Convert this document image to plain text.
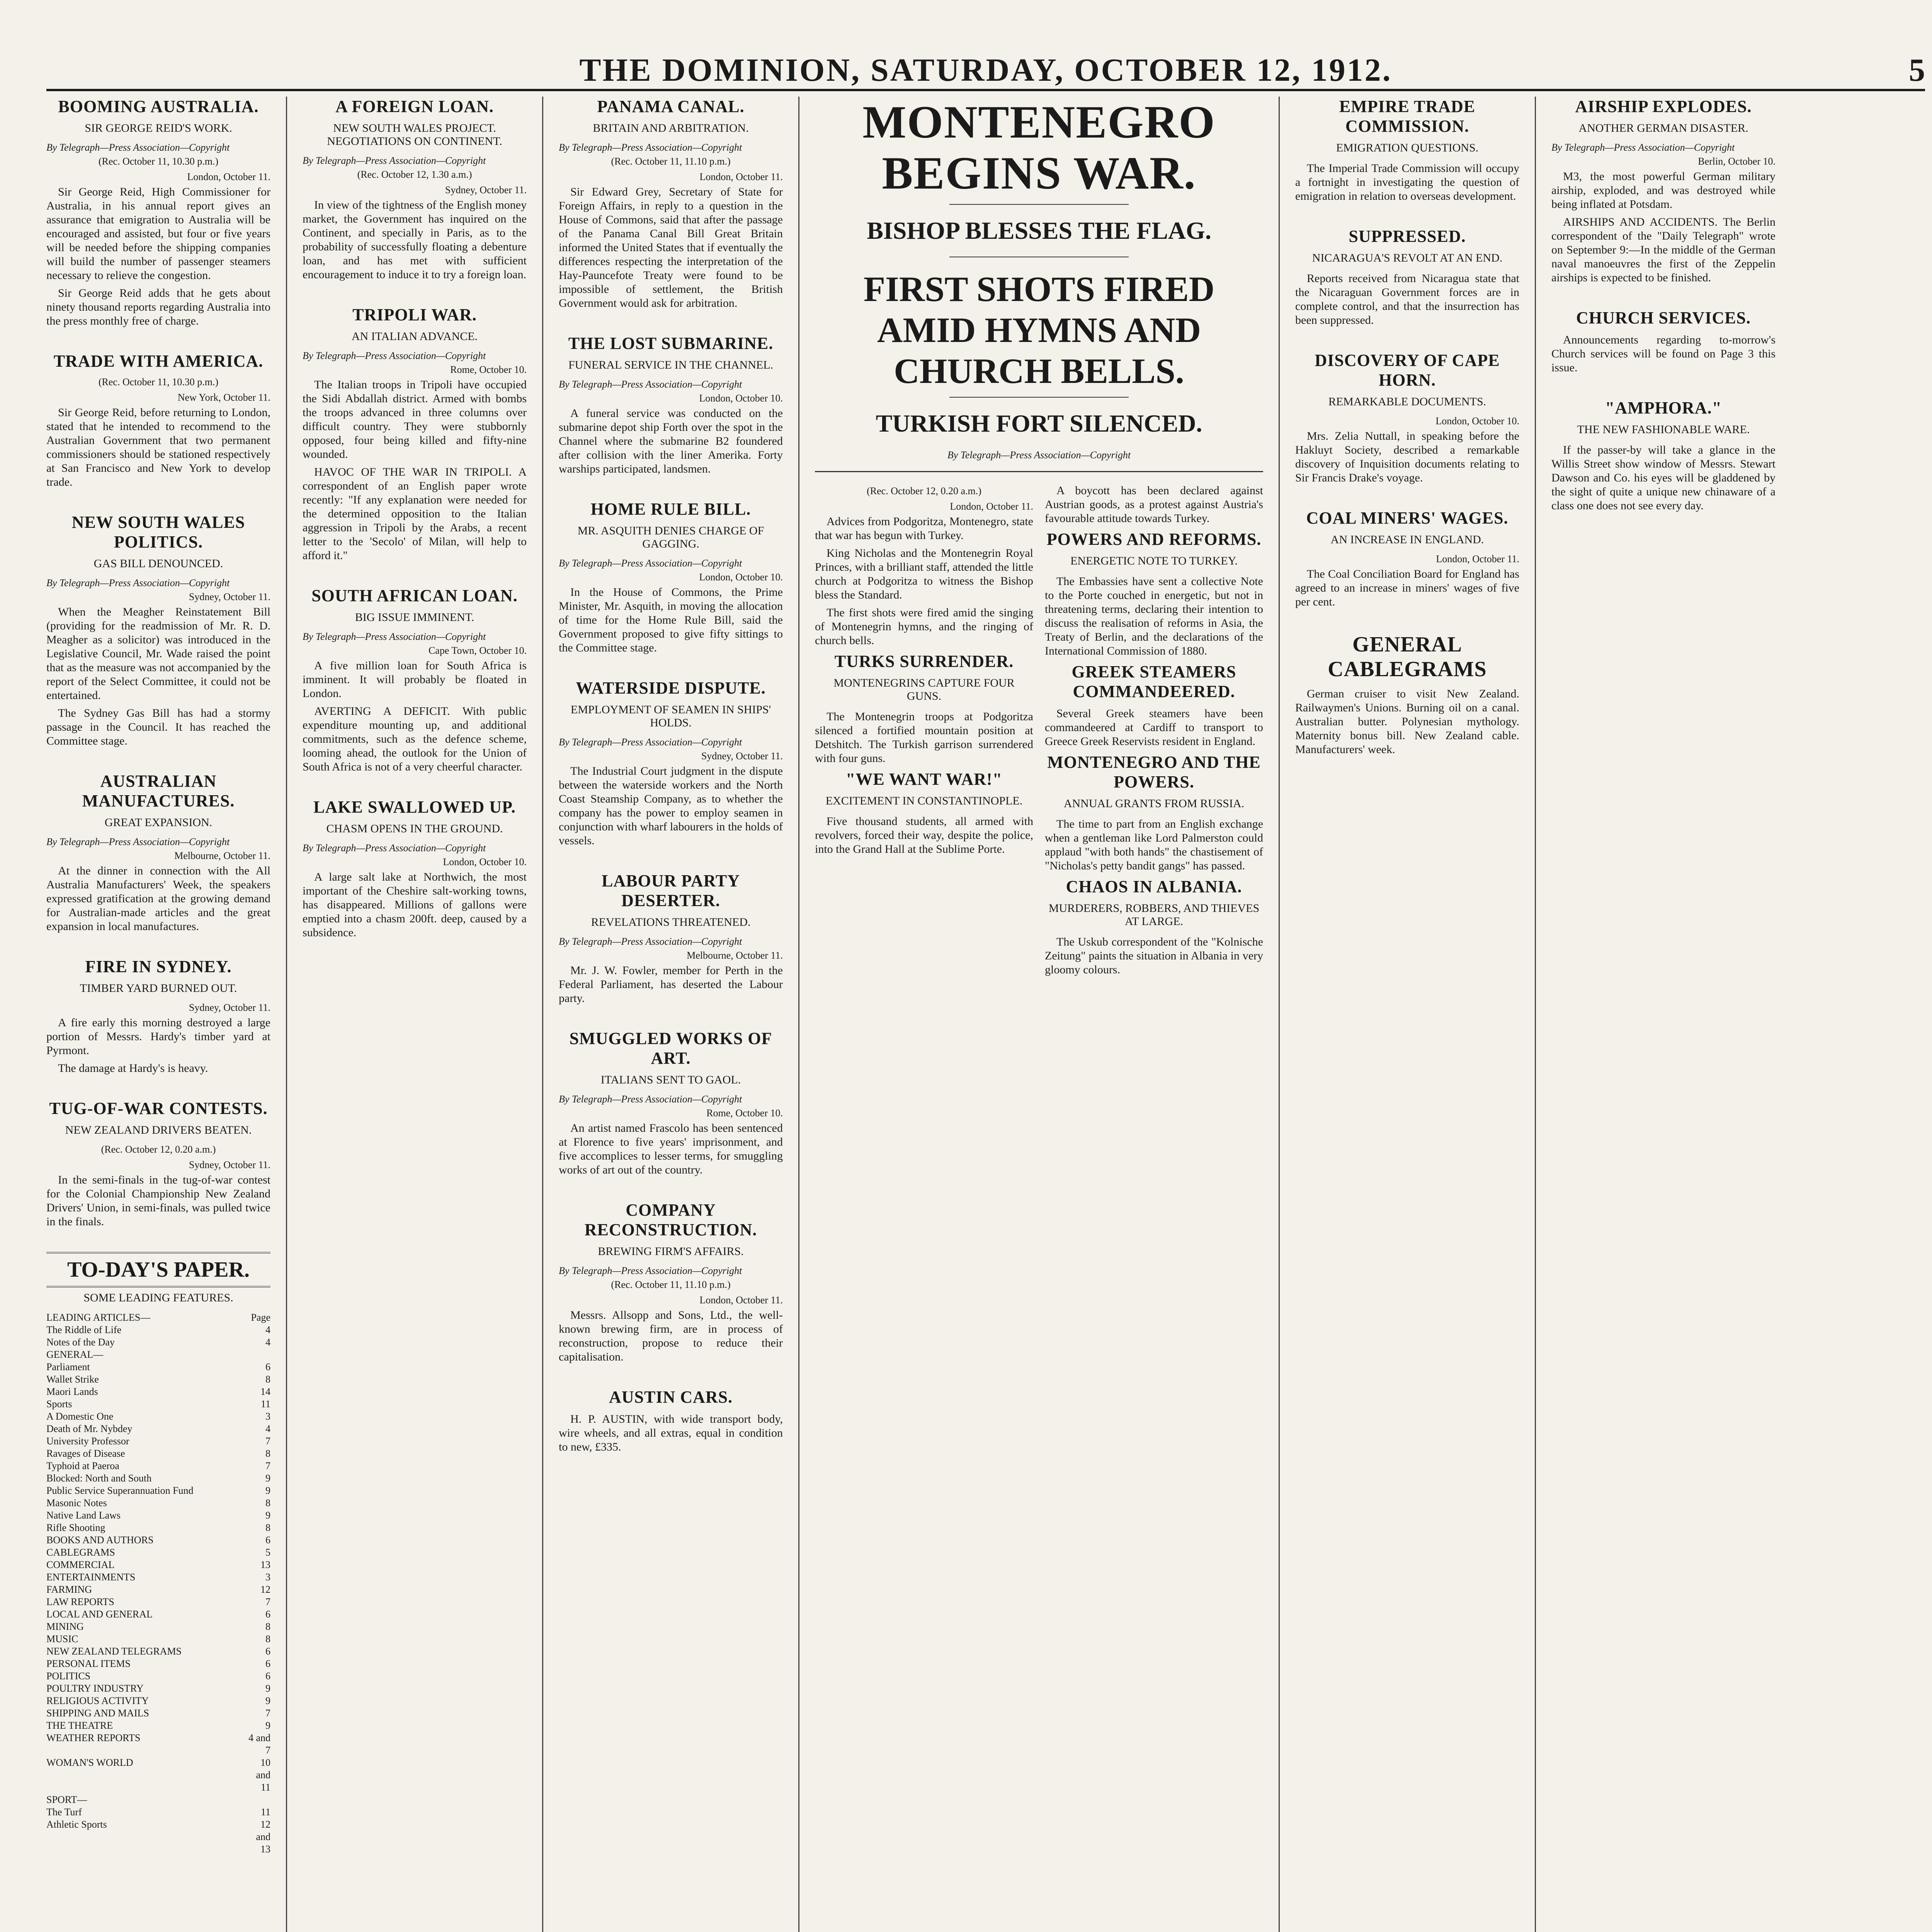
THE DOMINION, SATURDAY, OCTOBER 12, 1912.	5
BOOMING AUSTRALIA.
SIR GEORGE REID'S WORK.
By Telegraph—Press Association—Copyright
(Rec. October 11, 10.30 p.m.)
London, October 11.

Sir George Reid, High Commissioner for Australia, in his annual report gives an assurance that emigration to Australia will be encouraged and assisted, but four or five years will be needed before the shipping companies will build the number of passenger steamers necessary to relieve the congestion.

Sir George Reid adds that he gets about ninety thousand reports regarding Australia into the press monthly free of charge.

TRADE WITH AMERICA.
(Rec. October 11, 10.30 p.m.)
New York, October 11.

Sir George Reid, before returning to London, stated that he intended to recommend to the Australian Government that two permanent commissioners should be stationed respectively at San Francisco and New York to develop trade.

NEW SOUTH WALES POLITICS.
GAS BILL DENOUNCED.
By Telegraph—Press Association—Copyright
Sydney, October 11.

When the Meagher Reinstatement Bill (providing for the readmission of Mr. R. D. Meagher as a solicitor) was introduced in the Legislative Council, Mr. Wade raised the point that as the measure was not accompanied by the report of the Select Committee, it could not be entertained.

The Sydney Gas Bill has had a stormy passage in the Council. It has reached the Committee stage.

AUSTRALIAN MANUFACTURES.
GREAT EXPANSION.
By Telegraph—Press Association—Copyright
Melbourne, October 11.

At the dinner in connection with the All Australia Manufacturers' Week, the speakers expressed gratification at the growing demand for Australian-made articles and the great expansion in local manufactures.

FIRE IN SYDNEY.
TIMBER YARD BURNED OUT.
Sydney, October 11.

A fire early this morning destroyed a large portion of Messrs. Hardy's timber yard at Pyrmont.

The damage at Hardy's is heavy.

TUG-OF-WAR CONTESTS.
NEW ZEALAND DRIVERS BEATEN.
(Rec. October 12, 0.20 a.m.)
Sydney, October 11.

In the semi-finals in the tug-of-war contest for the Colonial Championship New Zealand Drivers' Union, in semi-finals, was pulled twice in the finals.

TO-DAY'S PAPER.
SOME LEADING FEATURES.
LEADING ARTICLES—	Page
The Riddle of Life	4
Notes of the Day	4
GENERAL—
Parliament	6
Wallet Strike	8
Maori Lands	14
Sports	11
A Domestic One	3
Death of Mr. Nybdey	4
University Professor	7
Ravages of Disease	8
Typhoid at Paeroa	7
Blocked: North and South	9
Public Service Superannuation Fund	9
Masonic Notes	8
Native Land Laws	9
Rifle Shooting	8
BOOKS AND AUTHORS	6
CABLEGRAMS	5
COMMERCIAL	13
ENTERTAINMENTS	3
FARMING	12
LAW REPORTS	7
LOCAL AND GENERAL	6
MINING	8
MUSIC	8
NEW ZEALAND TELEGRAMS	6
PERSONAL ITEMS	6
POLITICS	6
POULTRY INDUSTRY	9
RELIGIOUS ACTIVITY	9
SHIPPING AND MAILS	7
THE THEATRE	9
WEATHER REPORTS	4 and 7
WOMAN'S WORLD	10 and 11
SPORT—
The Turf	11
Athletic Sports	12 and 13
A FOREIGN LOAN.
NEW SOUTH WALES PROJECT. NEGOTIATIONS ON CONTINENT.
By Telegraph—Press Association—Copyright
(Rec. October 12, 1.30 a.m.)
Sydney, October 11.

In view of the tightness of the English money market, the Government has inquired on the Continent, and specially in Paris, as to the probability of successfully floating a debenture loan, and has met with sufficient encouragement to induce it to try a foreign loan.

TRIPOLI WAR.
AN ITALIAN ADVANCE.
By Telegraph—Press Association—Copyright
Rome, October 10.

The Italian troops in Tripoli have occupied the Sidi Abdallah district. Armed with bombs the troops advanced in three columns over difficult country. They were stubbornly opposed, four being killed and fifty-nine wounded.

HAVOC OF THE WAR IN TRIPOLI. A correspondent of an English paper wrote recently: "If any explanation were needed for the determined opposition to the Italian aggression in Tripoli by the Arabs, a recent letter to the 'Secolo' of Milan, will help to afford it."

SOUTH AFRICAN LOAN.
BIG ISSUE IMMINENT.
By Telegraph—Press Association—Copyright
Cape Town, October 10.

A five million loan for South Africa is imminent. It will probably be floated in London.

AVERTING A DEFICIT. With public expenditure mounting up, and additional commitments, such as the defence scheme, looming ahead, the outlook for the Union of South Africa is not of a very cheerful character.

LAKE SWALLOWED UP.
CHASM OPENS IN THE GROUND.
By Telegraph—Press Association—Copyright
London, October 10.

A large salt lake at Northwich, the most important of the Cheshire salt-working towns, has disappeared. Millions of gallons were emptied into a chasm 200ft. deep, caused by a subsidence.

PANAMA CANAL.
BRITAIN AND ARBITRATION.
By Telegraph—Press Association—Copyright
(Rec. October 11, 11.10 p.m.)
London, October 11.

Sir Edward Grey, Secretary of State for Foreign Affairs, in reply to a question in the House of Commons, said that after the passage of the Panama Canal Bill Great Britain informed the United States that if eventually the differences respecting the interpretation of the Hay-Pauncefote Treaty were found to be impossible of settlement, the British Government would ask for arbitration.

THE LOST SUBMARINE.
FUNERAL SERVICE IN THE CHANNEL.
By Telegraph—Press Association—Copyright
London, October 10.

A funeral service was conducted on the submarine depot ship Forth over the spot in the Channel where the submarine B2 foundered after collision with the liner Amerika. Forty warships participated, landsmen.

HOME RULE BILL.
MR. ASQUITH DENIES CHARGE OF GAGGING.
By Telegraph—Press Association—Copyright
London, October 10.

In the House of Commons, the Prime Minister, Mr. Asquith, in moving the allocation of time for the Home Rule Bill, said the Government proposed to give fifty sittings to the Committee stage.

WATERSIDE DISPUTE.
EMPLOYMENT OF SEAMEN IN SHIPS' HOLDS.
By Telegraph—Press Association—Copyright
Sydney, October 11.

The Industrial Court judgment in the dispute between the waterside workers and the North Coast Steamship Company, as to whether the company has the power to employ seamen in conjunction with wharf labourers in the holds of vessels.

LABOUR PARTY DESERTER.
REVELATIONS THREATENED.
By Telegraph—Press Association—Copyright
Melbourne, October 11.

Mr. J. W. Fowler, member for Perth in the Federal Parliament, has deserted the Labour party.

SMUGGLED WORKS OF ART.
ITALIANS SENT TO GAOL.
By Telegraph—Press Association—Copyright
Rome, October 10.

An artist named Frascolo has been sentenced at Florence to five years' imprisonment, and five accomplices to lesser terms, for smuggling works of art out of the country.

COMPANY RECONSTRUCTION.
BREWING FIRM'S AFFAIRS.
By Telegraph—Press Association—Copyright
(Rec. October 11, 11.10 p.m.)
London, October 11.

Messrs. Allsopp and Sons, Ltd., the well-known brewing firm, are in process of reconstruction, propose to reduce their capitalisation.

AUSTIN CARS.

H. P. AUSTIN, with wide transport body, wire wheels, and all extras, equal in condition to new, £335.

MONTENEGRO BEGINS WAR.
BISHOP BLESSES THE FLAG.
FIRST SHOTS FIRED AMID HYMNS AND CHURCH BELLS.
TURKISH FORT SILENCED.
By Telegraph—Press Association—Copyright
(Rec. October 12, 0.20 a.m.)
London, October 11.

Advices from Podgoritza, Montenegro, state that war has begun with Turkey.

King Nicholas and the Montenegrin Royal Princes, with a brilliant staff, attended the little church at Podgoritza to witness the Bishop bless the Standard.

The first shots were fired amid the singing of Montenegrin hymns, and the ringing of church bells.

TURKS SURRENDER.
MONTENEGRINS CAPTURE FOUR GUNS.

The Montenegrin troops at Podgoritza silenced a fortified mountain position at Detshitch. The Turkish garrison surrendered with four guns.

"WE WANT WAR!"
EXCITEMENT IN CONSTANTINOPLE.

Five thousand students, all armed with revolvers, forced their way, despite the police, into the Grand Hall at the Sublime Porte.

A boycott has been declared against Austrian goods, as a protest against Austria's favourable attitude towards Turkey.

POWERS AND REFORMS.
ENERGETIC NOTE TO TURKEY.

The Embassies have sent a collective Note to the Porte couched in energetic, but not in threatening terms, declaring their intention to discuss the realisation of reforms in Asia, the Treaty of Berlin, and the declarations of the International Commission of 1880.

GREEK STEAMERS COMMANDEERED.

Several Greek steamers have been commandeered at Cardiff to transport to Greece Greek Reservists resident in England.

MONTENEGRO AND THE POWERS.
ANNUAL GRANTS FROM RUSSIA.

The time to part from an English exchange when a gentleman like Lord Palmerston could applaud "with both hands" the chastisement of "Nicholas's petty bandit gangs" has passed.

CHAOS IN ALBANIA.
MURDERERS, ROBBERS, AND THIEVES AT LARGE.

The Uskub correspondent of the "Kolnische Zeitung" paints the situation in Albania in very gloomy colours.

EMPIRE TRADE COMMISSION.
EMIGRATION QUESTIONS.

The Imperial Trade Commission will occupy a fortnight in investigating the question of emigration in relation to overseas development.

SUPPRESSED.
NICARAGUA'S REVOLT AT AN END.

Reports received from Nicaragua state that the Nicaraguan Government forces are in complete control, and that the insurrection has been suppressed.

DISCOVERY OF CAPE HORN.
REMARKABLE DOCUMENTS.
London, October 10.

Mrs. Zelia Nuttall, in speaking before the Hakluyt Society, described a remarkable discovery of Inquisition documents relating to Sir Francis Drake's voyage.

COAL MINERS' WAGES.
AN INCREASE IN ENGLAND.
London, October 11.

The Coal Conciliation Board for England has agreed to an increase in miners' wages of five per cent.

GENERAL CABLEGRAMS

German cruiser to visit New Zealand. Railwaymen's Unions. Burning oil on a canal. Australian butter. Polynesian mythology. Maternity bonus bill. New Zealand cable. Manufacturers' week.

AIRSHIP EXPLODES.
ANOTHER GERMAN DISASTER.
By Telegraph—Press Association—Copyright
Berlin, October 10.

M3, the most powerful German military airship, exploded, and was destroyed while being inflated at Potsdam.

AIRSHIPS AND ACCIDENTS. The Berlin correspondent of the "Daily Telegraph" wrote on September 9:—In the middle of the German naval manoeuvres the first of the Zeppelin airships is expected to be finished.

CHURCH SERVICES.

Announcements regarding to-morrow's Church services will be found on Page 3 this issue.

"AMPHORA."
THE NEW FASHIONABLE WARE.

If the passer-by will take a glance in the Willis Street show window of Messrs. Stewart Dawson and Co. his eyes will be gladdened by the sight of quite a unique new chinaware of a class one does not see every day.
